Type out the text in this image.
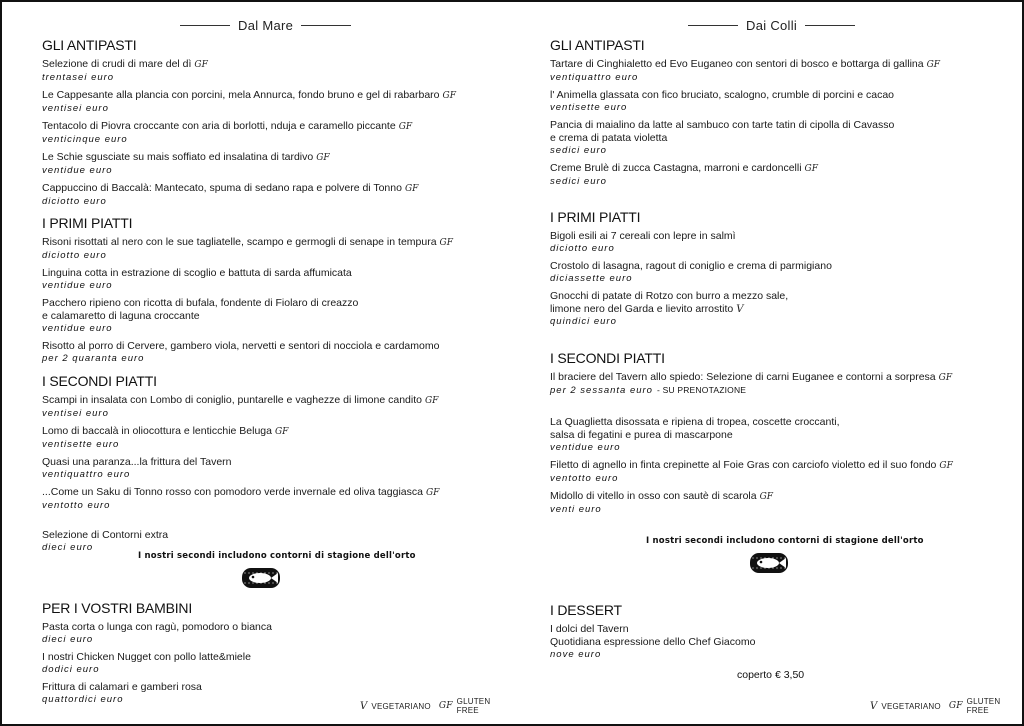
Dal Mare
GLI ANTIPASTI
Selezione di crudi di mare del dì GF
trentasei euro
Le Cappesante alla plancia con porcini, mela Annurca, fondo bruno e gel di rabarbaro GF
ventisei euro
Tentacolo di Piovra croccante con aria di borlotti, nduja e caramello piccante GF
venticinque euro
Le Schie sgusciate su mais soffiato ed insalatina di tardivo GF
ventidue euro
Cappuccino di Baccalà: Mantecato, spuma di sedano rapa e polvere di Tonno GF
diciotto euro
I PRIMI PIATTI
Risoni risottati al nero con le sue tagliatelle, scampo e germogli di senape in tempura GF
diciotto euro
Linguina cotta in estrazione di scoglio e battuta di sarda affumicata
ventidue euro
Pacchero ripieno con ricotta di bufala, fondente di Fiolaro di creazzo
e calamaretto di laguna croccante
ventidue euro
Risotto al porro di Cervere, gambero viola, nervetti e sentori di nocciola e cardamomo
per 2 quaranta euro
I SECONDI PIATTI
Scampi in insalata con Lombo di coniglio, puntarelle e vaghezze di limone candito GF
ventisei euro
Lomo di baccalà in oliocottura e lenticchie Beluga GF
ventisette euro
Quasi una paranza...la frittura del Tavern
ventiquattro euro
...Come un Saku di Tonno rosso con pomodoro verde invernale ed oliva taggiasca GF
ventotto euro
Selezione di Contorni extra
dieci euro
I nostri secondi includono contorni di stagione dell'orto
PER I VOSTRI BAMBINI
Pasta corta o lunga con ragù, pomodoro o bianca
dieci euro
I nostri Chicken Nugget con pollo latte&miele
dodici euro
Frittura di calamari e gamberi rosa
quattordici euro
V VEGETARIANO GF GLUTEN FREE
Dai Colli
GLI ANTIPASTI
Tartare di Cinghialetto ed Evo Euganeo con sentori di bosco e bottarga di gallina GF
ventiquattro euro
l' Animella glassata con fico bruciato, scalogno, crumble di porcini e cacao
ventisette euro
Pancia di maialino da latte al sambuco con tarte tatin di cipolla di Cavasso
e crema di patata violetta
sedici euro
Creme Brulè di zucca Castagna, marroni e cardoncelli GF
sedici euro
I PRIMI PIATTI
Bigoli esili ai 7 cereali con lepre in salmì
diciotto euro
Crostolo di lasagna, ragout di coniglio e crema di parmigiano
diciassette euro
Gnocchi di patate di Rotzo con burro a mezzo sale,
limone nero del Garda e lievito arrostito V
quindici euro
I SECONDI PIATTI
Il braciere del Tavern allo spiedo: Selezione di carni Euganee e contorni a sorpresa GF
per 2 sessanta euro - SU PRENOTAZIONE
La Quaglietta disossata e ripiena di tropea, coscette croccanti,
salsa di fegatini e purea di mascarpone
ventidue euro
Filetto di agnello in finta crepinette al Foie Gras con carciofo violetto ed il suo fondo GF
ventotto euro
Midollo di vitello in osso con sautè di scarola GF
venti euro
I nostri secondi includono contorni di stagione dell'orto
I DESSERT
I dolci del Tavern
Quotidiana espressione dello Chef Giacomo
nove euro
coperto € 3,50
V VEGETARIANO GF GLUTEN FREE
